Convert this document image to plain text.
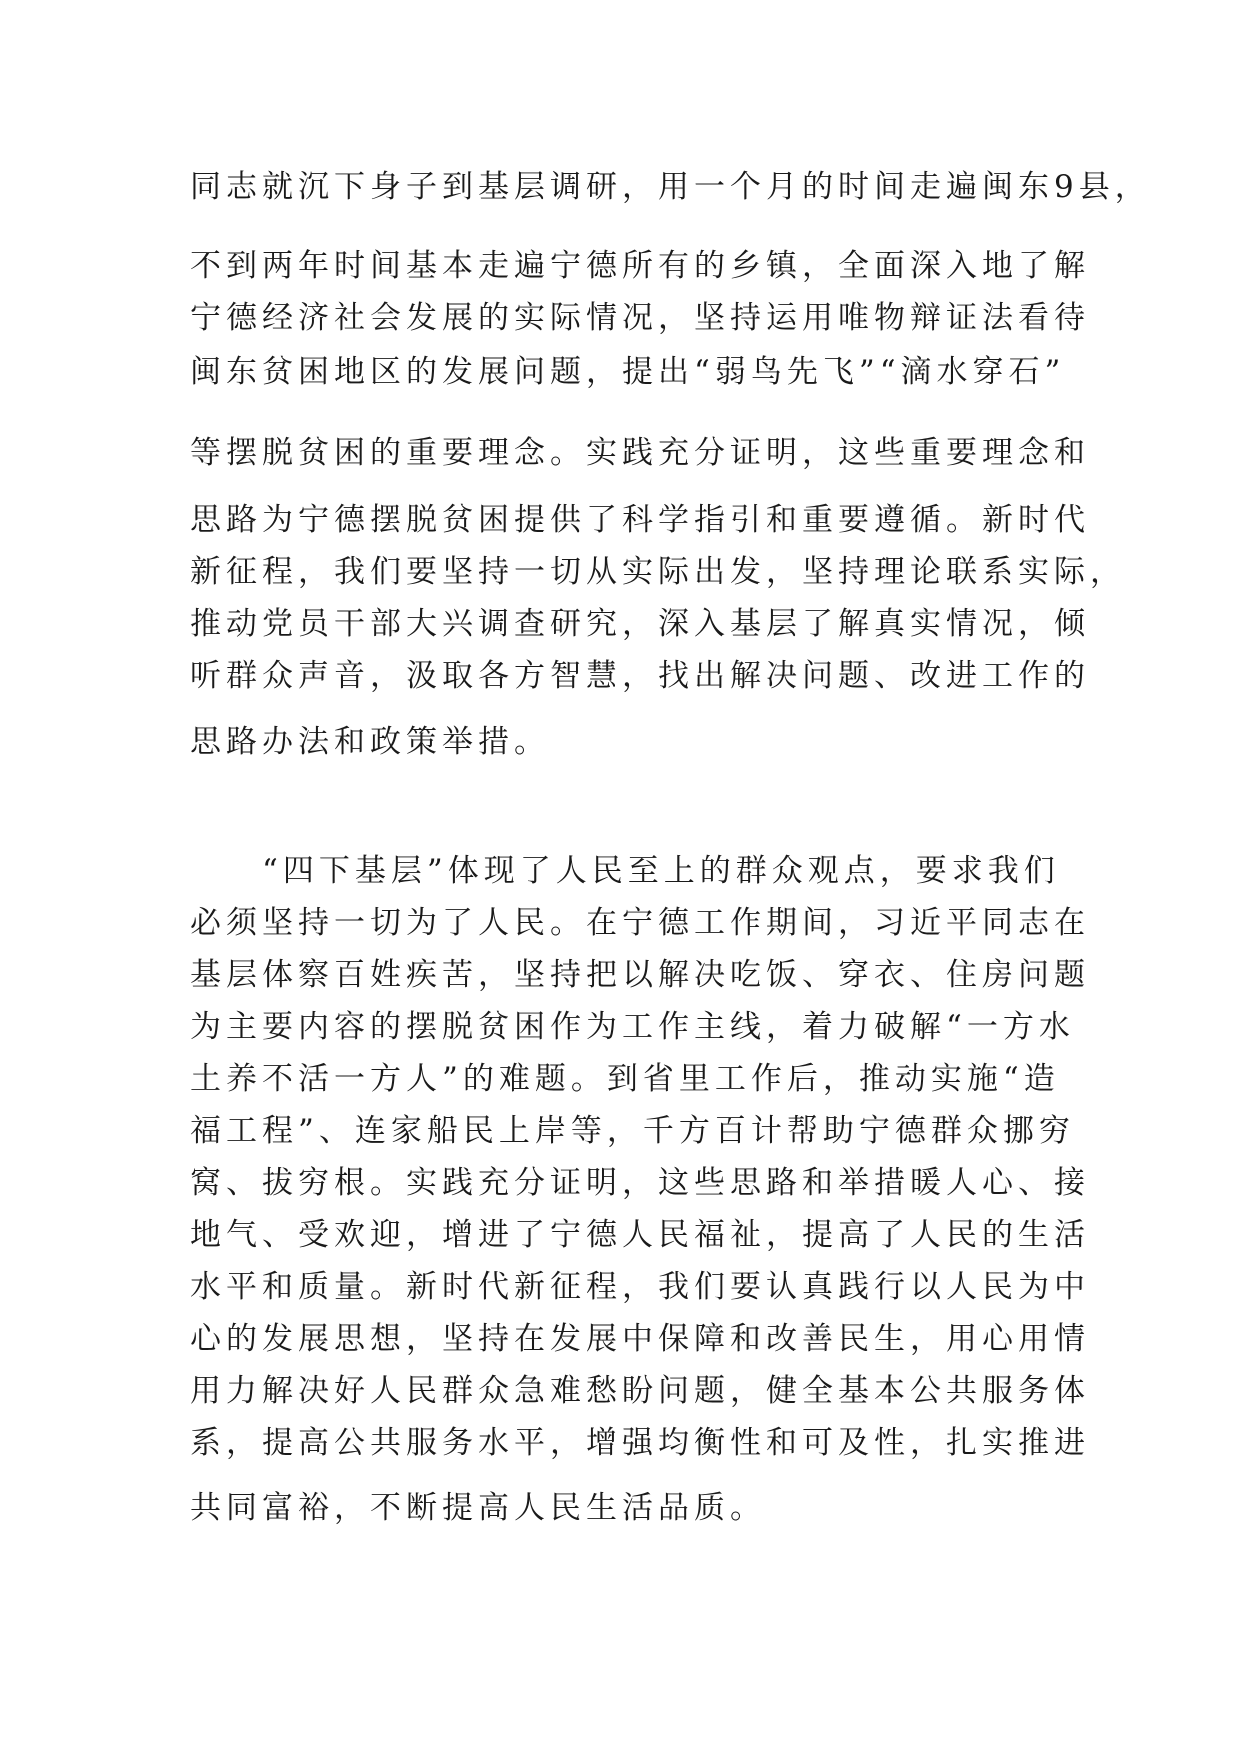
同志就沉下身子到基层调研，用一个月的时间走遍闽东9县，
不到两年时间基本走遍宁德所有的乡镇，全面深入地了解
宁德经济社会发展的实际情况，坚持运用唯物辩证法看待
闽东贫困地区的发展问题，提出“弱鸟先飞”“滴水穿石”
等摆脱贫困的重要理念。实践充分证明，这些重要理念和
思路为宁德摆脱贫困提供了科学指引和重要遵循。新时代
新征程，我们要坚持一切从实际出发，坚持理论联系实际，
推动党员干部大兴调查研究，深入基层了解真实情况，倾
听群众声音，汲取各方智慧，找出解决问题、改进工作的
思路办法和政策举措。
“四下基层”体现了人民至上的群众观点，要求我们
必须坚持一切为了人民。在宁德工作期间，习近平同志在
基层体察百姓疾苦，坚持把以解决吃饭、穿衣、住房问题
为主要内容的摆脱贫困作为工作主线，着力破解“一方水
土养不活一方人”的难题。到省里工作后，推动实施“造
福工程”、连家船民上岸等，千方百计帮助宁德群众挪穷
窝、拔穷根。实践充分证明，这些思路和举措暖人心、接
地气、受欢迎，增进了宁德人民福祉，提高了人民的生活
水平和质量。新时代新征程，我们要认真践行以人民为中
心的发展思想，坚持在发展中保障和改善民生，用心用情
用力解决好人民群众急难愁盼问题，健全基本公共服务体
系，提高公共服务水平，增强均衡性和可及性，扎实推进
共同富裕，不断提高人民生活品质。
